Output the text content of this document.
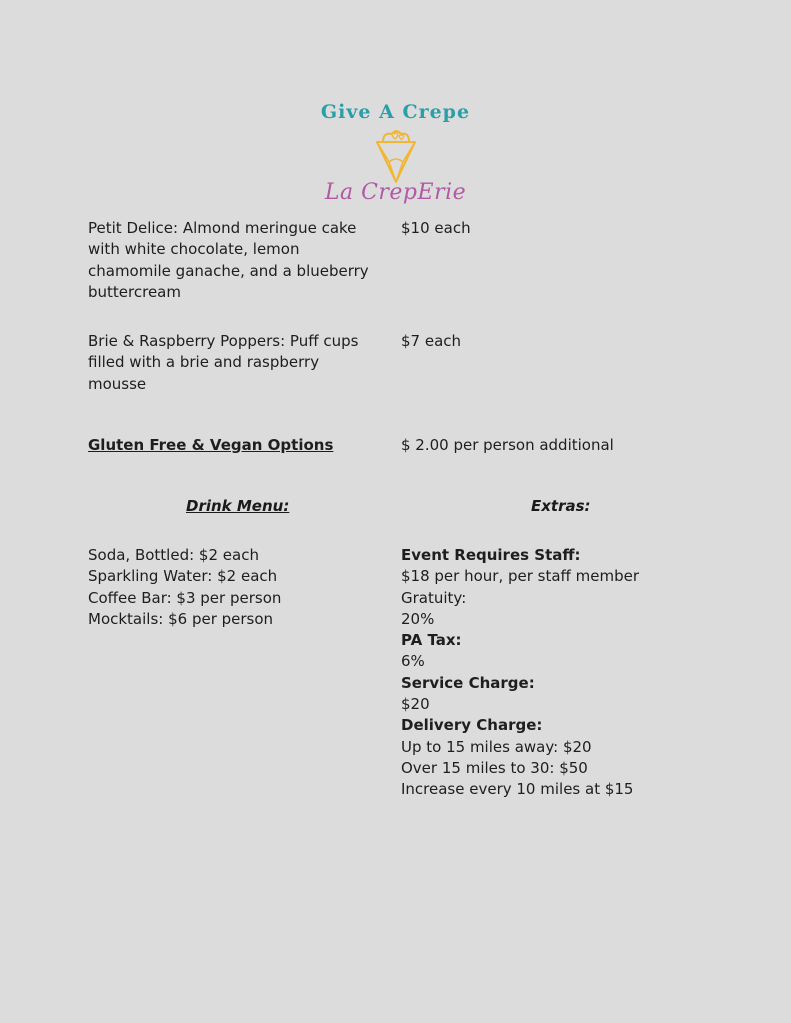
Give A Crepe
La CrepErie
Petit Delice: Almond meringue cake with white chocolate, lemon chamomile ganache, and a blueberry buttercream
$10 each
Brie & Raspberry Poppers: Puff cups filled with a brie and raspberry mousse
$7 each
Gluten Free & Vegan Options	$ 2.00 per person additional
Drink Menu:	Extras:
Soda, Bottled: $2 each
Sparkling Water: $2 each
Coffee Bar: $3 per person
Mocktails: $6 per person
Event Requires Staff:
$18 per hour, per staff member
Gratuity:
20%
PA Tax:
6%
Service Charge:
$20
Delivery Charge:
Up to 15 miles away: $20
Over 15 miles to 30: $50
Increase every 10 miles at $15
